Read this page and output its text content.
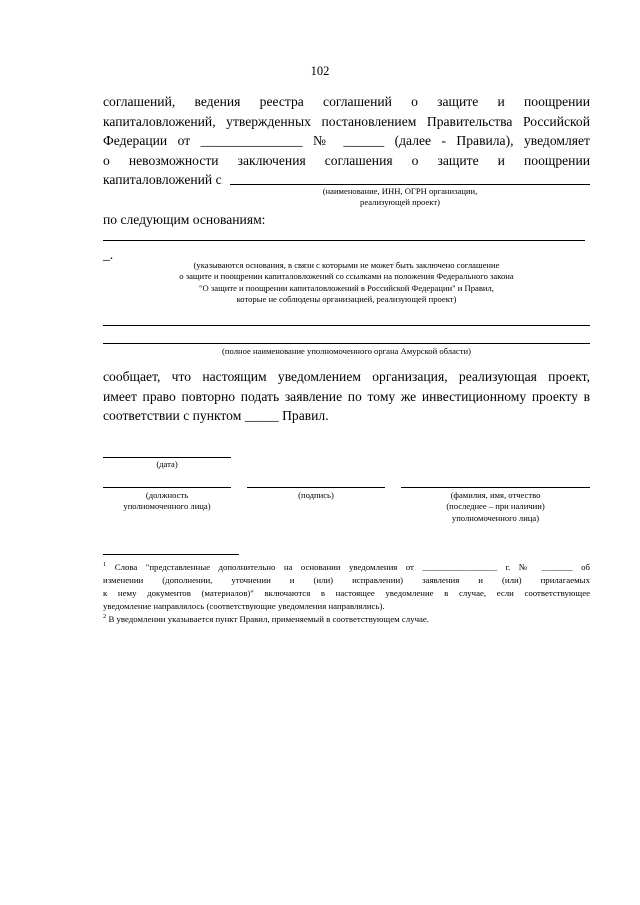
102
соглашений, ведения реестра соглашений о защите и поощрении
капиталовложений, утвержденных постановлением Правительства Российской
Федерации от _______________ № ______ (далее - Правила), уведомляет
о невозможности заключения соглашения о защите и поощрении
капиталовложений с
(наименование, ИНН, ОГРН организации,
реализующей проект)
по следующим основаниям:
_.
(указываются основания, в связи с которыми не может быть заключено соглашение
о защите и поощрении капиталовложений со ссылками на положения Федерального закона
"О защите и поощрении капиталовложений в Российской Федерации" и Правил,
которые не соблюдены организацией, реализующей проект)
(полное наименование уполномоченного органа Амурской области)
сообщает, что настоящим уведомлением организация, реализующая проект,
имеет право повторно подать заявление по тому же инвестиционному проекту в
соответствии с пунктом _____ Правил.
(дата)
(должность
уполномоченного лица)
(подпись)	(фамилия, имя, отчество
(последнее – при наличии)
уполномоченного лица)
$^1$ Слова "представленные дополнительно на основании уведомления от _________________ г. № _______ об
изменении (дополнении, уточнении и (или) исправлении) заявления и (или) прилагаемых
к нему документов (материалов)" включаются в настоящее уведомление в случае, если соответствующее
уведомление направлялось (соответствующие уведомления направлялись).
$^2$ В уведомлении указывается пункт Правил, применяемый в соответствующем случае.
